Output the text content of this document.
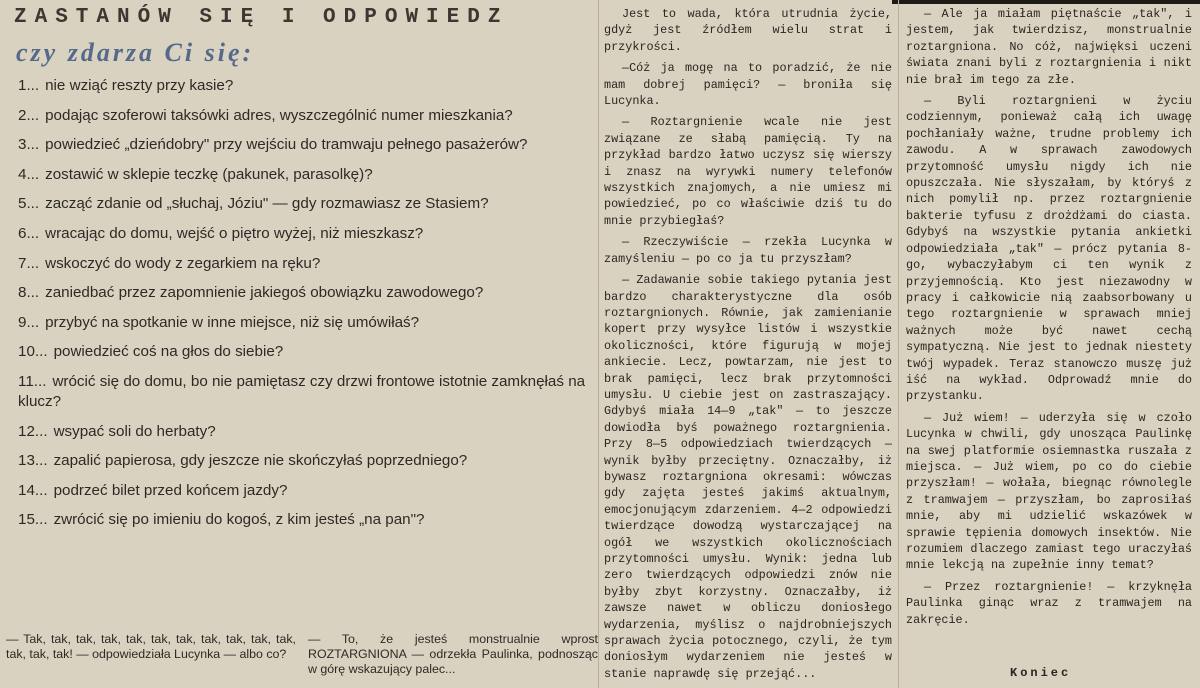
ZASTANÓW SIĘ I ODPOWIEDZ
czy zdarza Ci się:
1... nie wziąć reszty przy kasie?
2... podając szoferowi taksówki adres, wyszczególnić numer mieszkania?
3... powiedzieć „dzieńdobry" przy wejściu do tramwaju pełnego pasażerów?
4... zostawić w sklepie teczkę (pakunek, parasolkę)?
5... zacząć zdanie od „słuchaj, Józiu" — gdy rozmawiasz ze Stasiem?
6... wracając do domu, wejść o piętro wyżej, niż mieszkasz?
7... wskoczyć do wody z zegarkiem na ręku?
8... zaniedbać przez zapomnienie jakiegoś obowiązku zawodowego?
9... przybyć na spotkanie w inne miejsce, niż się umówiłaś?
10... powiedzieć coś na głos do siebie?
11... wrócić się do domu, bo nie pamiętasz czy drzwi frontowe istotnie zamknęłaś na klucz?
12... wsypać soli do herbaty?
13... zapalić papierosa, gdy jeszcze nie skończyłaś poprzedniego?
14... podrzeć bilet przed końcem jazdy?
15... zwrócić się po imieniu do kogoś, z kim jesteś „na pan"?
— Tak, tak, tak, tak, tak, tak, tak, tak, tak, tak, tak, tak, tak, tak! — odpowiedziała Lucynka — albo co?
— To, że jesteś monstrualnie wprost ROZTARGNIONA — odrzekła Paulinka, podnosząc w górę wskazujący palec...

Jest to wada, która utrudnia życie, gdyż jest źródłem wielu strat i przykrości.

—Cóż ja mogę na to poradzić, że nie mam dobrej pamięci? — broniła się Lucynka.

— Roztargnienie wcale nie jest związane ze słabą pamięcią. Ty na przykład bardzo łatwo uczysz się wierszy i znasz na wyrywki numery telefonów wszystkich znajomych, a nie umiesz mi powiedzieć, po co właściwie dziś tu do mnie przybiegłaś?

— Rzeczywiście — rzekła Lucynka w zamyśleniu — po co ja tu przyszłam?

— Zadawanie sobie takiego pytania jest bardzo charakterystyczne dla osób roztargnionych. Równie, jak zamienianie kopert przy wysyłce listów i wszystkie okoliczności, które figurują w mojej ankiecie. Lecz, powtarzam, nie jest to brak pamięci, lecz brak przytomności umysłu. U ciebie jest on zastraszający. Gdybyś miała 14—9 „tak" — to jeszcze dowiodła byś poważnego roztargnienia. Przy 8—5 odpowiedziach twierdzących — wynik byłby przeciętny. Oznaczałby, iż bywasz roztargniona okresami: wówczas gdy zajęta jesteś jakimś aktualnym, emocjonującym zdarzeniem. 4—2 odpowiedzi twierdzące dowodzą wystarczającej na ogół we wszystkich okolicznościach przytomności umysłu. Wynik: jedna lub zero twierdzących odpowiedzi znów nie byłby zbyt korzystny. Oznaczałby, iż zawsze nawet w obliczu doniosłego wydarzenia, myślisz o najdrobniejszych sprawach życia potocznego, czyli, że tym doniosłym wydarzeniem nie jesteś w stanie naprawdę się przejąć...

— Ale ja miałam piętnaście „tak", i jestem, jak twierdzisz, monstrualnie roztargniona. No cóż, najwięksi uczeni świata znani byli z roztargnienia i nikt nie brał im tego za złe.

— Byli roztargnieni w życiu codziennym, ponieważ całą ich uwagę pochłaniały ważne, trudne problemy ich zawodu. A w sprawach zawodowych przytomność umysłu nigdy ich nie opuszczała. Nie słyszałam, by któryś z nich pomylił np. przez roztargnienie bakterie tyfusu z drożdżami do ciasta. Gdybyś na wszystkie pytania ankietki odpowiedziała „tak" — prócz pytania 8-go, wybaczyłabym ci ten wynik z przyjemnością. Kto jest niezawodny w pracy i całkowicie nią zaabsorbowany u tego roztargnienie w sprawach mniej ważnych może być nawet cechą sympatyczną. Nie jest to jednak niestety twój wypadek. Teraz stanowczo muszę już iść na wykład. Odprowadź mnie do przystanku.

— Już wiem! — uderzyła się w czoło Lucynka w chwili, gdy unosząca Paulinkę na swej platformie osiemnastka ruszała z miejsca. — Już wiem, po co do ciebie przyszłam! — wołała, biegnąc równolegle z tramwajem — przyszłam, bo zaprosiłaś mnie, aby mi udzielić wskazówek w sprawie tępienia domowych insektów. Nie rozumiem dlaczego zamiast tego uraczyłaś mnie lekcją na zupełnie inny temat?

— Przez roztargnienie! — krzyknęła Paulinka ginąc wraz z tramwajem na zakręcie.

Koniec
